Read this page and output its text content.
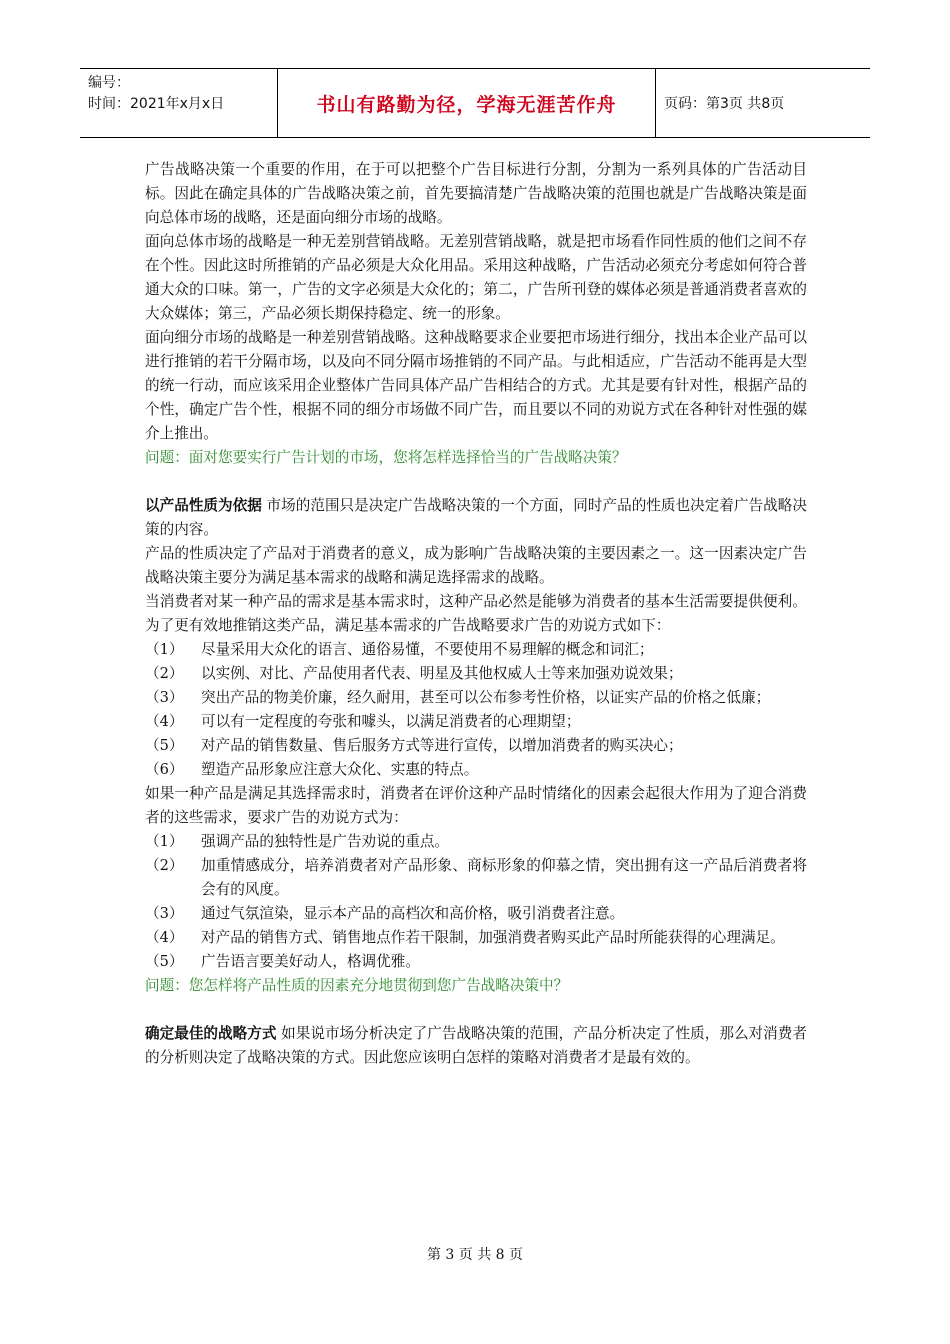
编号：
时间：2021年x月x日	书山有路勤为径，学海无涯苦作舟	页码：第3页 共8页

广告战略决策一个重要的作用，在于可以把整个广告目标进行分割，分割为一系列具体的广告活动目标。因此在确定具体的广告战略决策之前，首先要搞清楚广告战略决策的范围也就是广告战略决策是面向总体市场的战略，还是面向细分市场的战略。

面向总体市场的战略是一种无差别营销战略。无差别营销战略，就是把市场看作同性质的他们之间不存在个性。因此这时所推销的产品必须是大众化用品。采用这种战略，广告活动必须充分考虑如何符合普通大众的口味。第一，广告的文字必须是大众化的；第二，广告所刊登的媒体必须是普通消费者喜欢的大众媒体；第三，产品必须长期保持稳定、统一的形象。

面向细分市场的战略是一种差别营销战略。这种战略要求企业要把市场进行细分，找出本企业产品可以进行推销的若干分隔市场，以及向不同分隔市场推销的不同产品。与此相适应，广告活动不能再是大型的统一行动，而应该采用企业整体广告同具体产品广告相结合的方式。尤其是要有针对性，根据产品的个性，确定广告个性，根据不同的细分市场做不同广告，而且要以不同的劝说方式在各种针对性强的媒介上推出。

问题：面对您要实行广告计划的市场，您将怎样选择恰当的广告战略决策？

以产品性质为依据 市场的范围只是决定广告战略决策的一个方面，同时产品的性质也决定着广告战略决策的内容。

产品的性质决定了产品对于消费者的意义，成为影响广告战略决策的主要因素之一。这一因素决定广告战略决策主要分为满足基本需求的战略和满足选择需求的战略。

当消费者对某一种产品的需求是基本需求时，这种产品必然是能够为消费者的基本生活需要提供便利。为了更有效地推销这类产品，满足基本需求的广告战略要求广告的劝说方式如下：

（1）	尽量采用大众化的语言、通俗易懂，不要使用不易理解的概念和词汇；
（2）	以实例、对比、产品使用者代表、明星及其他权威人士等来加强劝说效果；
（3）	突出产品的物美价廉，经久耐用，甚至可以公布参考性价格，以证实产品的价格之低廉；
（4）	可以有一定程度的夸张和噱头，以满足消费者的心理期望；
（5）	对产品的销售数量、售后服务方式等进行宣传，以增加消费者的购买决心；
（6）	塑造产品形象应注意大众化、实惠的特点。

如果一种产品是满足其选择需求时，消费者在评价这种产品时情绪化的因素会起很大作用为了迎合消费者的这些需求，要求广告的劝说方式为：

（1）	强调产品的独特性是广告劝说的重点。
（2）	加重情感成分，培养消费者对产品形象、商标形象的仰慕之情，突出拥有这一产品后消费者将会有的风度。
（3）	通过气氛渲染，显示本产品的高档次和高价格，吸引消费者注意。
（4）	对产品的销售方式、销售地点作若干限制，加强消费者购买此产品时所能获得的心理满足。
（5）	广告语言要美好动人，格调优雅。

问题：您怎样将产品性质的因素充分地贯彻到您广告战略决策中？

确定最佳的战略方式 如果说市场分析决定了广告战略决策的范围，产品分析决定了性质，那么对消费者的分析则决定了战略决策的方式。因此您应该明白怎样的策略对消费者才是最有效的。

第 3 页 共 8 页
